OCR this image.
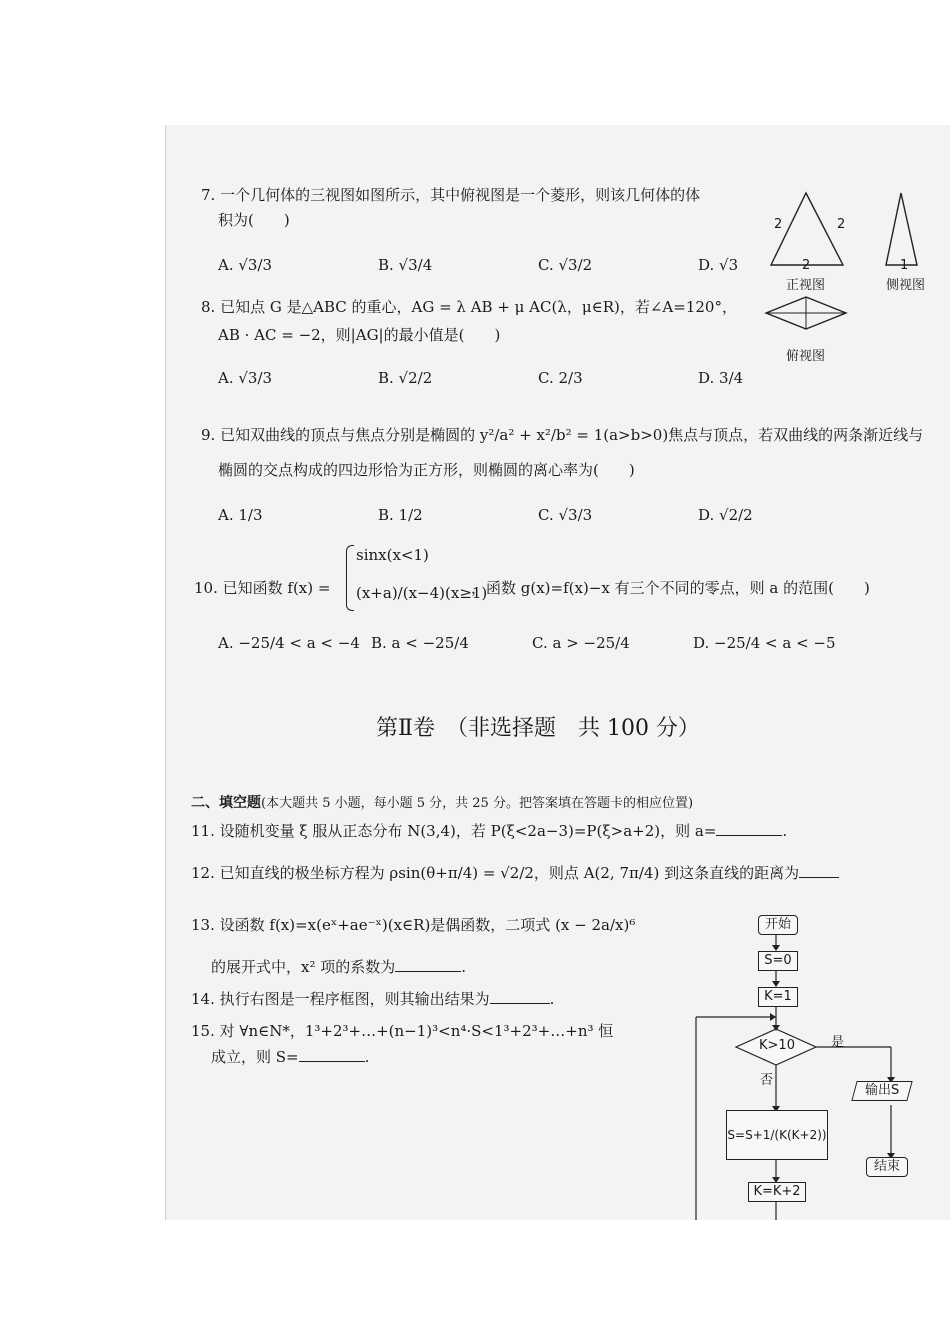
7. 一个几何体的三视图如图所示，其中俯视图是一个菱形，则该几何体的体
积为(　　)
A. √3/3	B. √3/4	C. √3/2	D. √3
2	2
2	1
正视图	侧视图
俯视图
8. 已知点 G 是△ABC 的重心，AG = λ AB + μ AC(λ，μ∈R)，若∠A=120°，
AB · AC = −2，则|AG|的最小值是(　　)
A. √3/3	B. √2/2	C. 2/3	D. 3/4
9. 已知双曲线的顶点与焦点分别是椭圆的 y²/a² + x²/b² = 1(a>b>0)焦点与顶点，若双曲线的两条渐近线与
椭圆的交点构成的四边形恰为正方形，则椭圆的离心率为(　　)
A. 1/3	B. 1/2	C. √3/3	D. √2/2
10. 已知函数 f(x) =
sinx(x<1)
(x+a)/(x−4)(x≥1)
，函数 g(x)=f(x)−x 有三个不同的零点，则 a 的范围(　　)
A. −25/4 < a < −4 B. a < −25/4	C. a > −25/4	D. −25/4 < a < −5
第Ⅱ卷　（非选择题　共 100 分）
二、填空题(本大题共 5 小题，每小题 5 分，共 25 分。把答案填在答题卡的相应位置)
11. 设随机变量 ξ 服从正态分布 N(3,4)，若 P(ξ<2a−3)=P(ξ>a+2)，则 a=	.
12. 已知直线的极坐标方程为 ρsin(θ+π/4) = √2/2，则点 A(2, 7π/4) 到这条直线的距离为
13. 设函数 f(x)=x(eˣ+ae⁻ˣ)(x∈R)是偶函数，二项式 (x − 2a/x)⁶
的展开式中，x² 项的系数为	.
14. 执行右图是一程序框图，则其输出结果为	.
15. 对 ∀n∈N*，1³+2³+…+(n−1)³<n⁴·S<1³+2³+…+n³ 恒
成立，则 S=	.
开始
S=0
K=1
K>10	是
否
S=S+1/(K(K+2))
K=K+2
输出S
结束
